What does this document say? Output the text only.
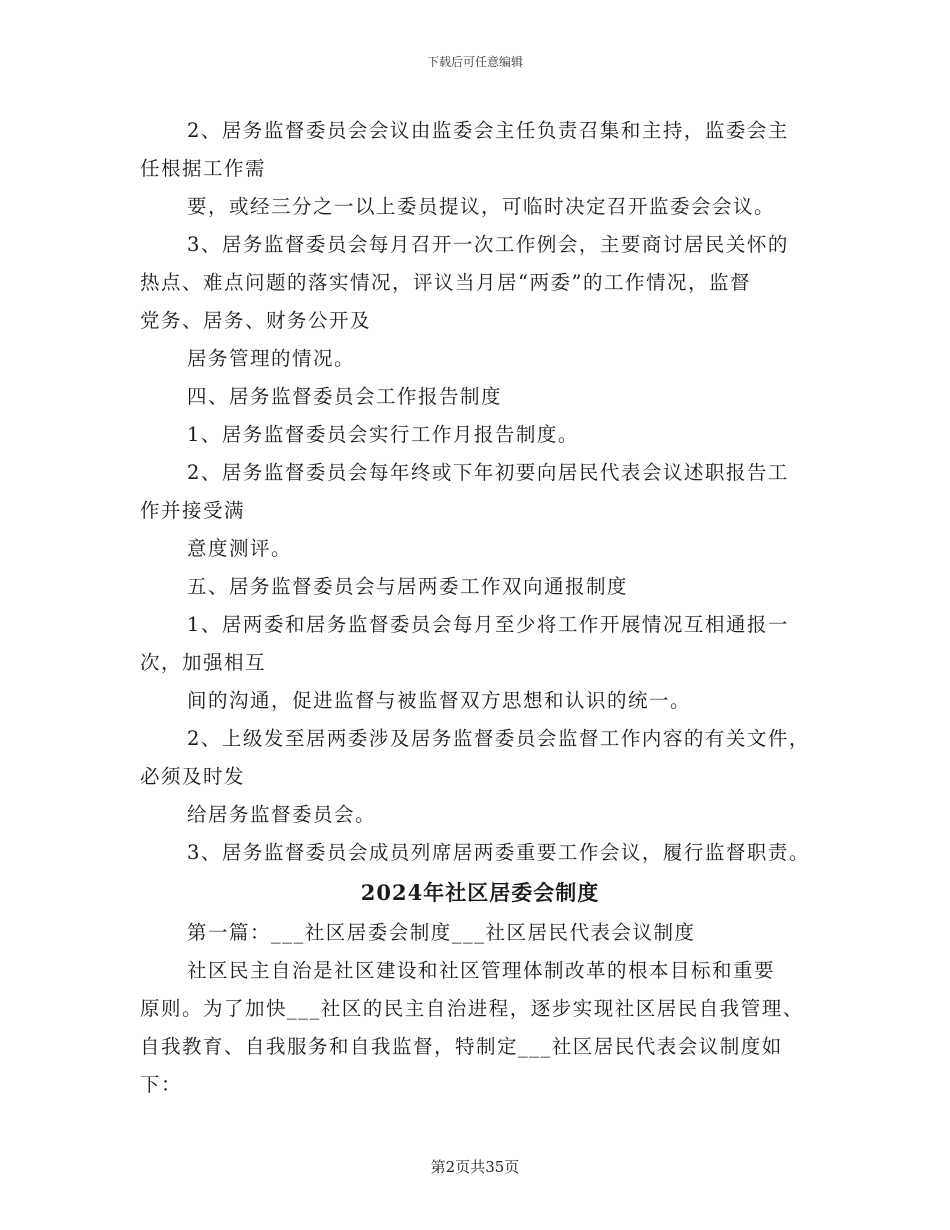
下载后可任意编辑
2、居务监督委员会会议由监委会主任负责召集和主持，监委会主
任根据工作需
要，或经三分之一以上委员提议，可临时决定召开监委会会议。
3、居务监督委员会每月召开一次工作例会，主要商讨居民关怀的
热点、难点问题的落实情况，评议当月居“两委”的工作情况，监督
党务、居务、财务公开及
居务管理的情况。
四、居务监督委员会工作报告制度
1、居务监督委员会实行工作月报告制度。
2、居务监督委员会每年终或下年初要向居民代表会议述职报告工
作并接受满
意度测评。
五、居务监督委员会与居两委工作双向通报制度
1、居两委和居务监督委员会每月至少将工作开展情况互相通报一
次，加强相互
间的沟通，促进监督与被监督双方思想和认识的统一。
2、上级发至居两委涉及居务监督委员会监督工作内容的有关文件，
必须及时发
给居务监督委员会。
3、居务监督委员会成员列席居两委重要工作会议，履行监督职责。
2024年社区居委会制度
第一篇：___社区居委会制度___社区居民代表会议制度
社区民主自治是社区建设和社区管理体制改革的根本目标和重要
原则。为了加快___社区的民主自治进程，逐步实现社区居民自我管理、
自我教育、自我服务和自我监督，特制定___社区居民代表会议制度如
下：
第2页共35页
